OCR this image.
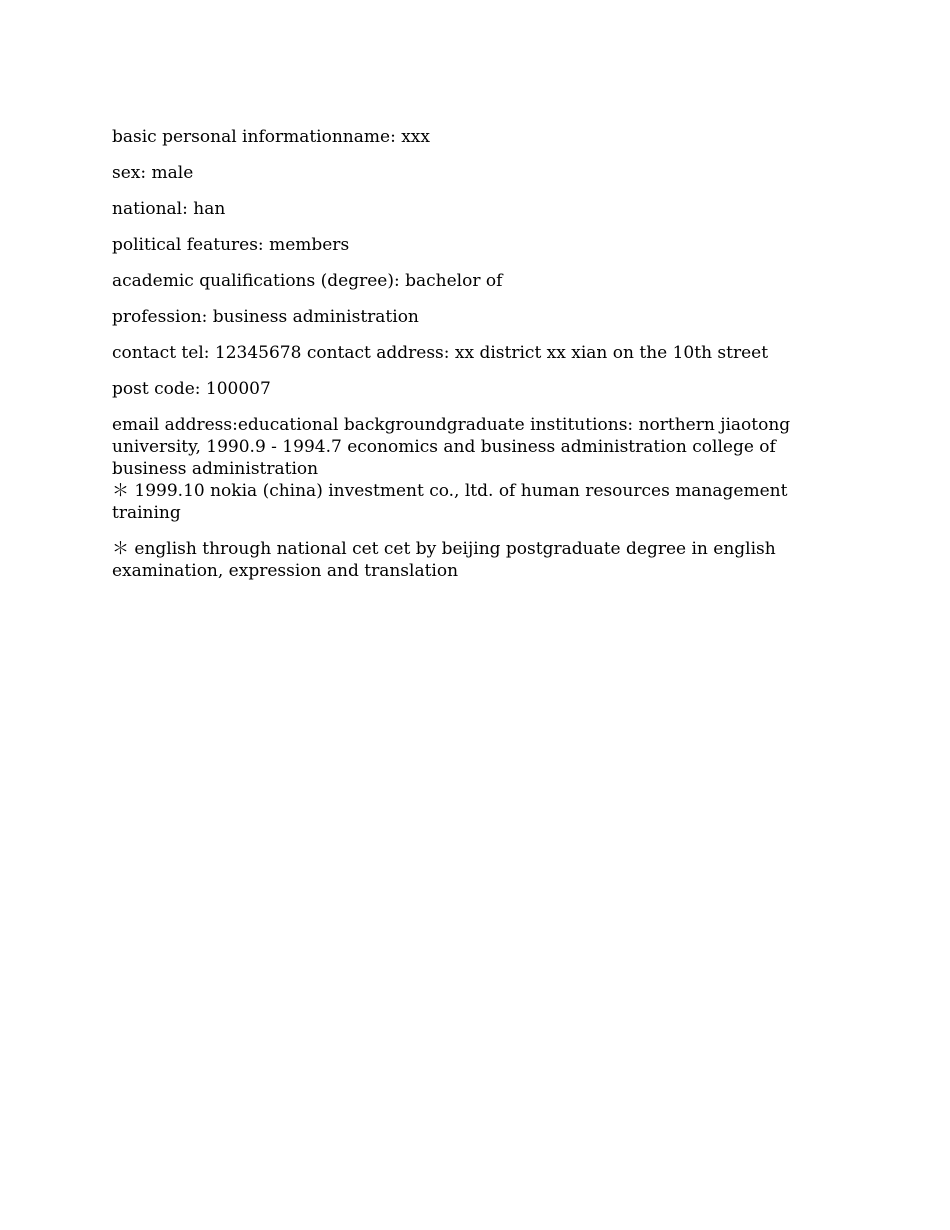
basic personal informationname: xxx

sex: male

national: han

political features: members

academic qualifications (degree): bachelor of

profession: business administration

contact tel: 12345678 contact address: xx district xx xian on the 10th street

post code: 100007

email address:educational backgroundgraduate institutions: northern jiaotong university, 1990.9 - 1994.7 economics and business administration college of business administration

＊ 1999.10 nokia (china) investment co., ltd. of human resources management training

＊ english through national cet cet by beijing postgraduate degree in english examination, expression and translation
